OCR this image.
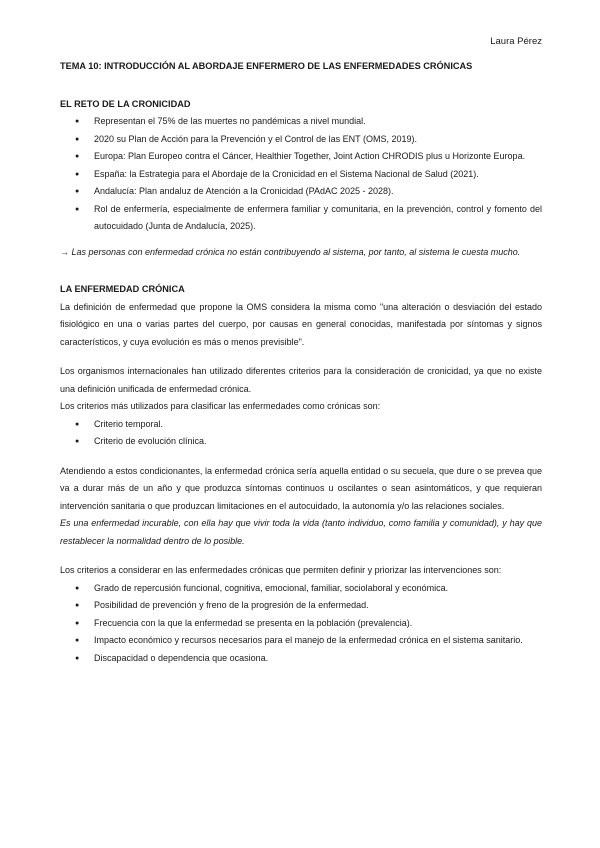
Laura Pérez

TEMA 10: INTRODUCCIÓN AL ABORDAJE ENFERMERO DE LAS ENFERMEDADES CRÓNICAS

EL RETO DE LA CRONICIDAD

● Representan el 75% de las muertes no pandémicas a nivel mundial.
● 2020 su Plan de Acción para la Prevención y el Control de las ENT (OMS, 2019).
● Europa: Plan Europeo contra el Cáncer, Healthier Together, Joint Action CHRODIS plus u Horizonte Europa.
● España: la Estrategia para el Abordaje de la Cronicidad en el Sistema Nacional de Salud (2021).
● Andalucía: Plan andaluz de Atención a la Cronicidad (PAdAC 2025 - 2028).
● Rol de enfermería, especialmente de enfermera familiar y comunitaria, en la prevención, control y fomento del autocuidado (Junta de Andalucía, 2025).

→ Las personas con enfermedad crónica no están contribuyendo al sistema, por tanto, al sistema le cuesta mucho.

LA ENFERMEDAD CRÓNICA

La definición de enfermedad que propone la OMS considera la misma como "una alteración o desviación del estado fisiológico en una o varias partes del cuerpo, por causas en general conocidas, manifestada por síntomas y signos característicos, y cuya evolución es más o menos previsible".

Los organismos internacionales han utilizado diferentes criterios para la consideración de cronicidad, ya que no existe una definición unificada de enfermedad crónica.

Los criterios más utilizados para clasificar las enfermedades como crónicas son:

● Criterio temporal.
● Criterio de evolución clínica.

Atendiendo a estos condicionantes, la enfermedad crónica sería aquella entidad o su secuela, que dure o se prevea que va a durar más de un año y que produzca síntomas continuos u oscilantes o sean asintomáticos, y que requieran intervención sanitaria o que produzcan limitaciones en el autocuidado, la autonomía y/o las relaciones sociales.

Es una enfermedad incurable, con ella hay que vivir toda la vida (tanto individuo, como familia y comunidad), y hay que restablecer la normalidad dentro de lo posible.

Los criterios a considerar en las enfermedades crónicas que permiten definir y priorizar las intervenciones son:

● Grado de repercusión funcional, cognitiva, emocional, familiar, sociolaboral y económica.
● Posibilidad de prevención y freno de la progresión de la enfermedad.
● Frecuencia con la que la enfermedad se presenta en la población (prevalencia).
● Impacto económico y recursos necesarios para el manejo de la enfermedad crónica en el sistema sanitario.
● Discapacidad o dependencia que ocasiona.
